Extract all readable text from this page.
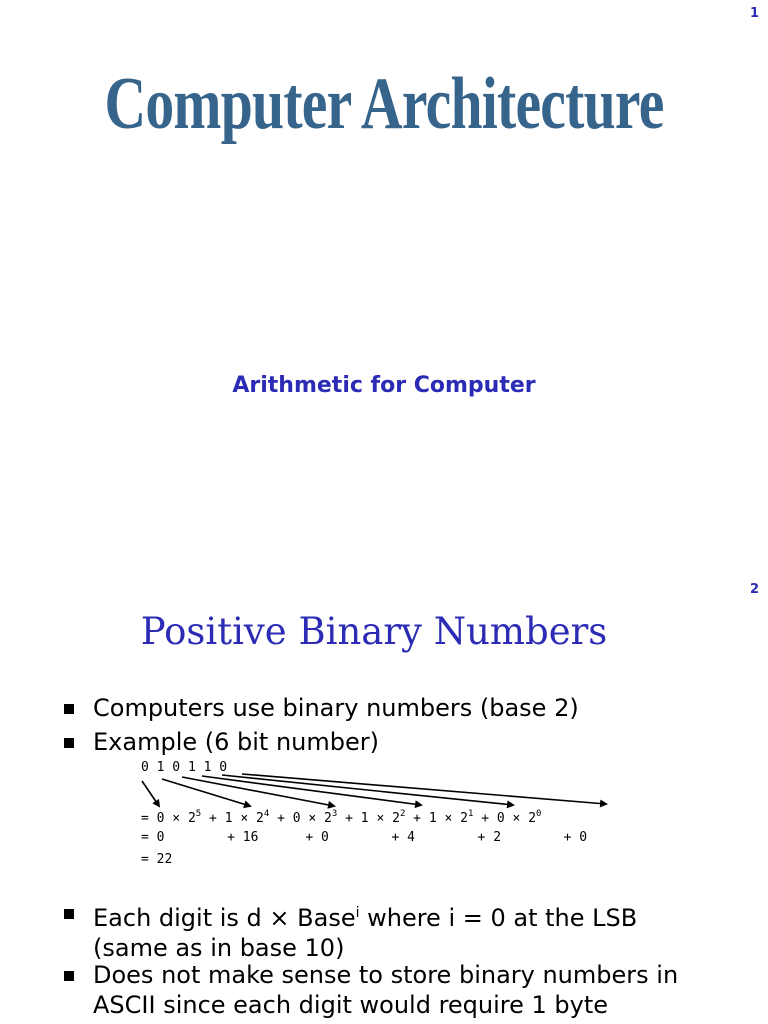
1
Computer Architecture
Arithmetic for Computer
2
Positive Binary Numbers
Computers use binary numbers (base 2)
Example (6 bit number)
0 1 0 1 1 0
= $0 \times 2^5 + 1 \times 2^4 + 0 \times 2^3 + 1 \times 2^2 + 1 \times 2^1 + 0 \times 2^0$
= 0        + 16      + 0        + 4        + 2        + 0
= 22
Each digit is d × Base$^i$ where i = 0 at the LSB
(same as in base 10)
Does not make sense to store binary numbers in
ASCII since each digit would require 1 byte
